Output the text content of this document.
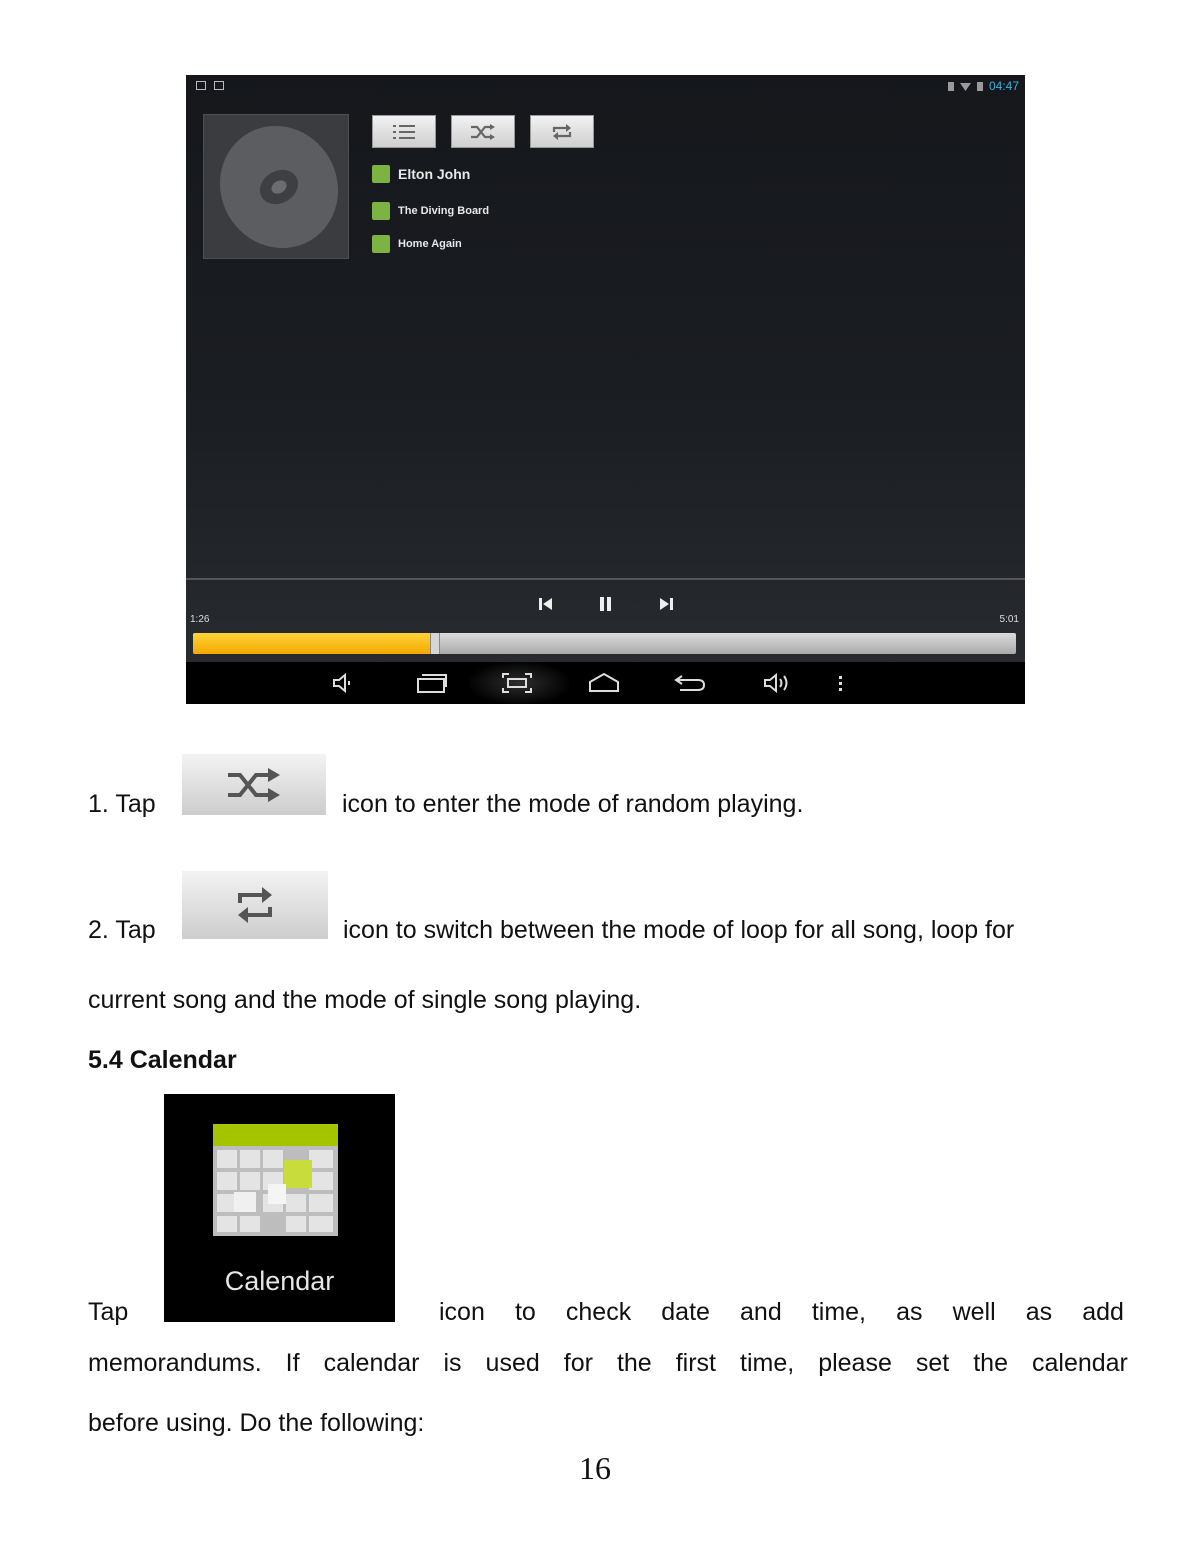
04:47
Elton John
The Diving Board
Home Again
1:26	5:01
1. Tap	icon to enter the mode of random playing.
2. Tap	icon to switch between the mode of loop for all song, loop for
current song and the mode of single song playing.
5.4 Calendar
Calendar
Tap	icon to check date and time, as well as add
memorandums. If calendar is used for the first time, please set the calendar
before using. Do the following:
16
